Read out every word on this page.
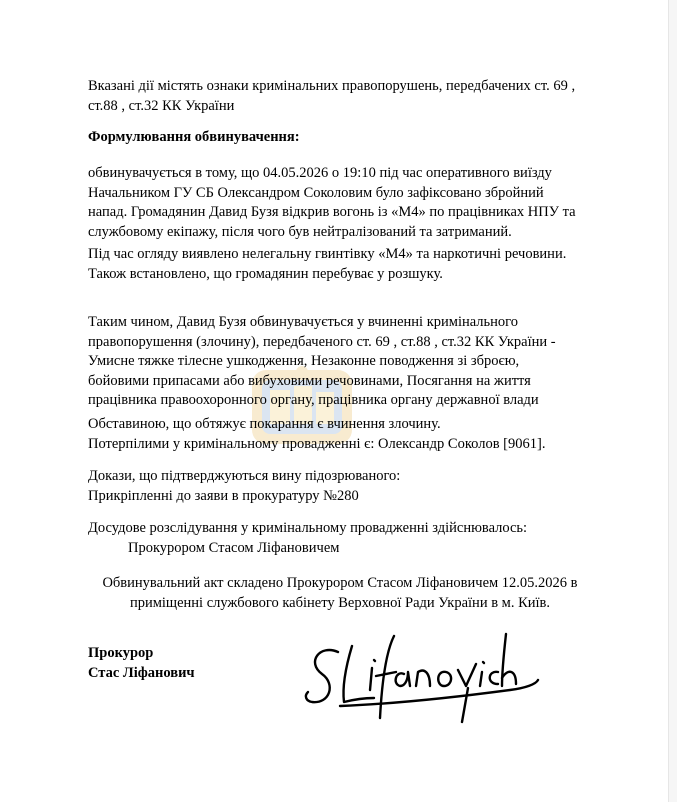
Вказані дії містять ознаки кримінальних правопорушень, передбачених ст. 69 ,
ст.88 , ст.32 КК України
Формулювання обвинувачення:
обвинувачується в тому, що 04.05.2026 о 19:10 під час оперативного виїзду
Начальником ГУ СБ Олександром Соколовим було зафіксовано збройний
напад. Громадянин Давид Бузя відкрив вогонь із «М4» по працівниках НПУ та
службовому екіпажу, після чого був нейтралізований та затриманий.
Під час огляду виявлено нелегальну гвинтівку «М4» та наркотичні речовини.
Також встановлено, що громадянин перебуває у розшуку.
Таким чином, Давид Бузя обвинувачується у вчиненні кримінального
правопорушення (злочину), передбаченого ст. 69 , ст.88 , ст.32 КК України -
Умисне тяжке тілесне ушкодження, Незаконне поводження зі зброєю,
бойовими припасами або вибуховими речовинами, Посягання на життя
працівника правоохоронного органу, працівника органу державної влади
Обставиною, що обтяжує покарання є вчинення злочину.
Потерпілими у кримінальному провадженні є: Олександр Соколов [9061].
Докази, що підтверджуються вину підозрюваного:
Прикріпленні до заяви в прокуратуру №280
Досудове розслідування у кримінальному провадженні здійснювалось:
Прокурором Стасом Ліфановичем
Обвинувальний акт складено Прокурором Стасом Ліфановичем 12.05.2026 в
приміщенні службового кабінету Верховної Ради України в м. Київ.
Прокурор
Стас Ліфанович
